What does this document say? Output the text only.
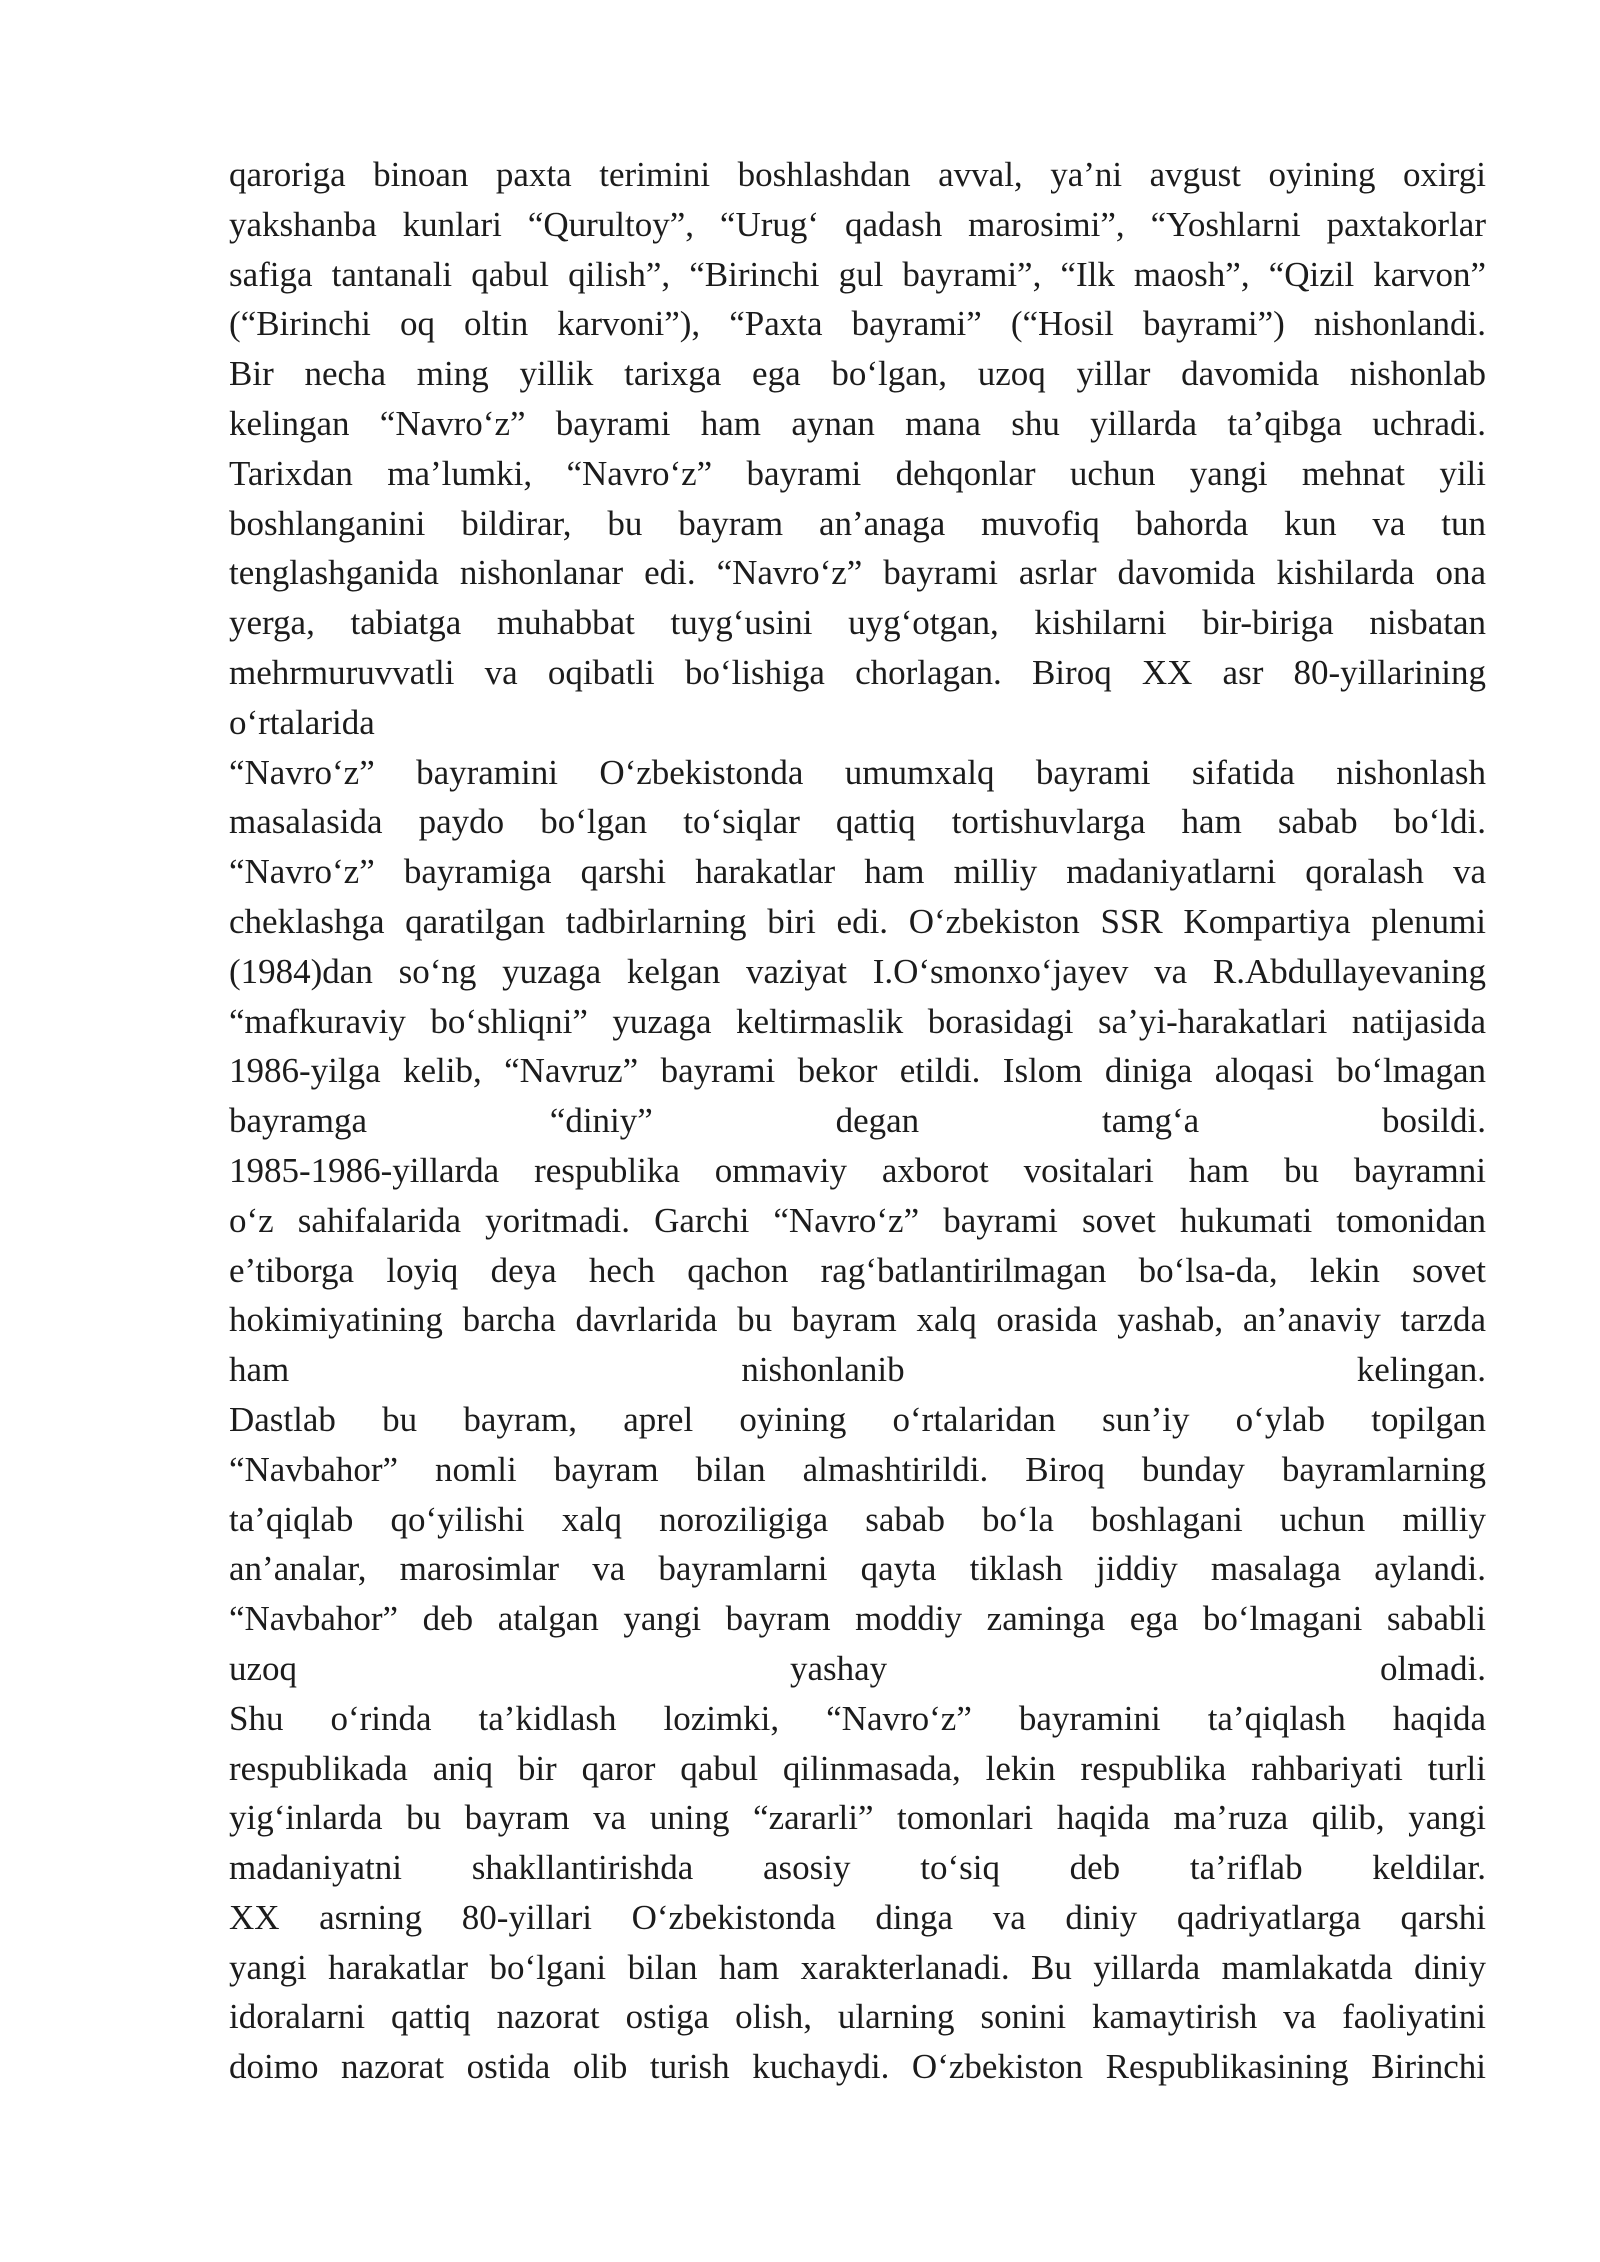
qaroriga binoan paxta terimini boshlashdan avval, ya’ni avgust oyining oxirgi
yakshanba kunlari “Qurultoy”, “Urug‘ qadash marosimi”, “Yoshlarni paxtakorlar
safiga tantanali qabul qilish”, “Birinchi gul bayrami”, “Ilk maosh”, “Qizil karvon”
(“Birinchi oq oltin karvoni”), “Paxta bayrami” (“Hosil bayrami”) nishonlandi.
Bir necha ming yillik tarixga ega bo‘lgan, uzoq yillar davomida nishonlab
kelingan “Navro‘z” bayrami ham aynan mana shu yillarda ta’qibga uchradi.
Tarixdan ma’lumki, “Navro‘z” bayrami dehqonlar uchun yangi mehnat yili
boshlanganini bildirar, bu bayram an’anaga muvofiq bahorda kun va tun
tenglashganida nishonlanar edi. “Navro‘z” bayrami asrlar davomida kishilarda ona
yerga, tabiatga muhabbat tuyg‘usini uyg‘otgan, kishilarni bir-biriga nisbatan
mehrmuruvvatli va oqibatli bo‘lishiga chorlagan. Biroq XX asr 80-yillarining
o‘rtalarida
“Navro‘z” bayramini O‘zbekistonda umumxalq bayrami sifatida nishonlash
masalasida paydo bo‘lgan to‘siqlar qattiq tortishuvlarga ham sabab bo‘ldi.
“Navro‘z” bayramiga qarshi harakatlar ham milliy madaniyatlarni qoralash va
cheklashga qaratilgan tadbirlarning biri edi. O‘zbekiston SSR Kompartiya plenumi
(1984)dan so‘ng yuzaga kelgan vaziyat I.O‘smonxo‘jayev va R.Abdullayevaning
“mafkuraviy bo‘shliqni” yuzaga keltirmaslik borasidagi sa’yi-harakatlari natijasida
1986-yilga kelib, “Navruz” bayrami bekor etildi. Islom diniga aloqasi bo‘lmagan
bayramga “diniy” degan tamg‘a bosildi.
1985-1986-yillarda respublika ommaviy axborot vositalari ham bu bayramni
o‘z sahifalarida yoritmadi. Garchi “Navro‘z” bayrami sovet hukumati tomonidan
e’tiborga loyiq deya hech qachon rag‘batlantirilmagan bo‘lsa-da, lekin sovet
hokimiyatining barcha davrlarida bu bayram xalq orasida yashab, an’anaviy tarzda
ham nishonlanib kelingan.
Dastlab bu bayram, aprel oyining o‘rtalaridan sun’iy o‘ylab topilgan
“Navbahor” nomli bayram bilan almashtirildi. Biroq bunday bayramlarning
ta’qiqlab qo‘yilishi xalq noroziligiga sabab bo‘la boshlagani uchun milliy
an’analar, marosimlar va bayramlarni qayta tiklash jiddiy masalaga aylandi.
“Navbahor” deb atalgan yangi bayram moddiy zaminga ega bo‘lmagani sababli
uzoq yashay olmadi.
Shu o‘rinda ta’kidlash lozimki, “Navro‘z” bayramini ta’qiqlash haqida
respublikada aniq bir qaror qabul qilinmasada, lekin respublika rahbariyati turli
yig‘inlarda bu bayram va uning “zararli” tomonlari haqida ma’ruza qilib, yangi
madaniyatni shakllantirishda asosiy to‘siq deb ta’riflab keldilar.
XX asrning 80-yillari O‘zbekistonda dinga va diniy qadriyatlarga qarshi
yangi harakatlar bo‘lgani bilan ham xarakterlanadi. Bu yillarda mamlakatda diniy
idoralarni qattiq nazorat ostiga olish, ularning sonini kamaytirish va faoliyatini
doimo nazorat ostida olib turish kuchaydi. O‘zbekiston Respublikasining Birinchi
